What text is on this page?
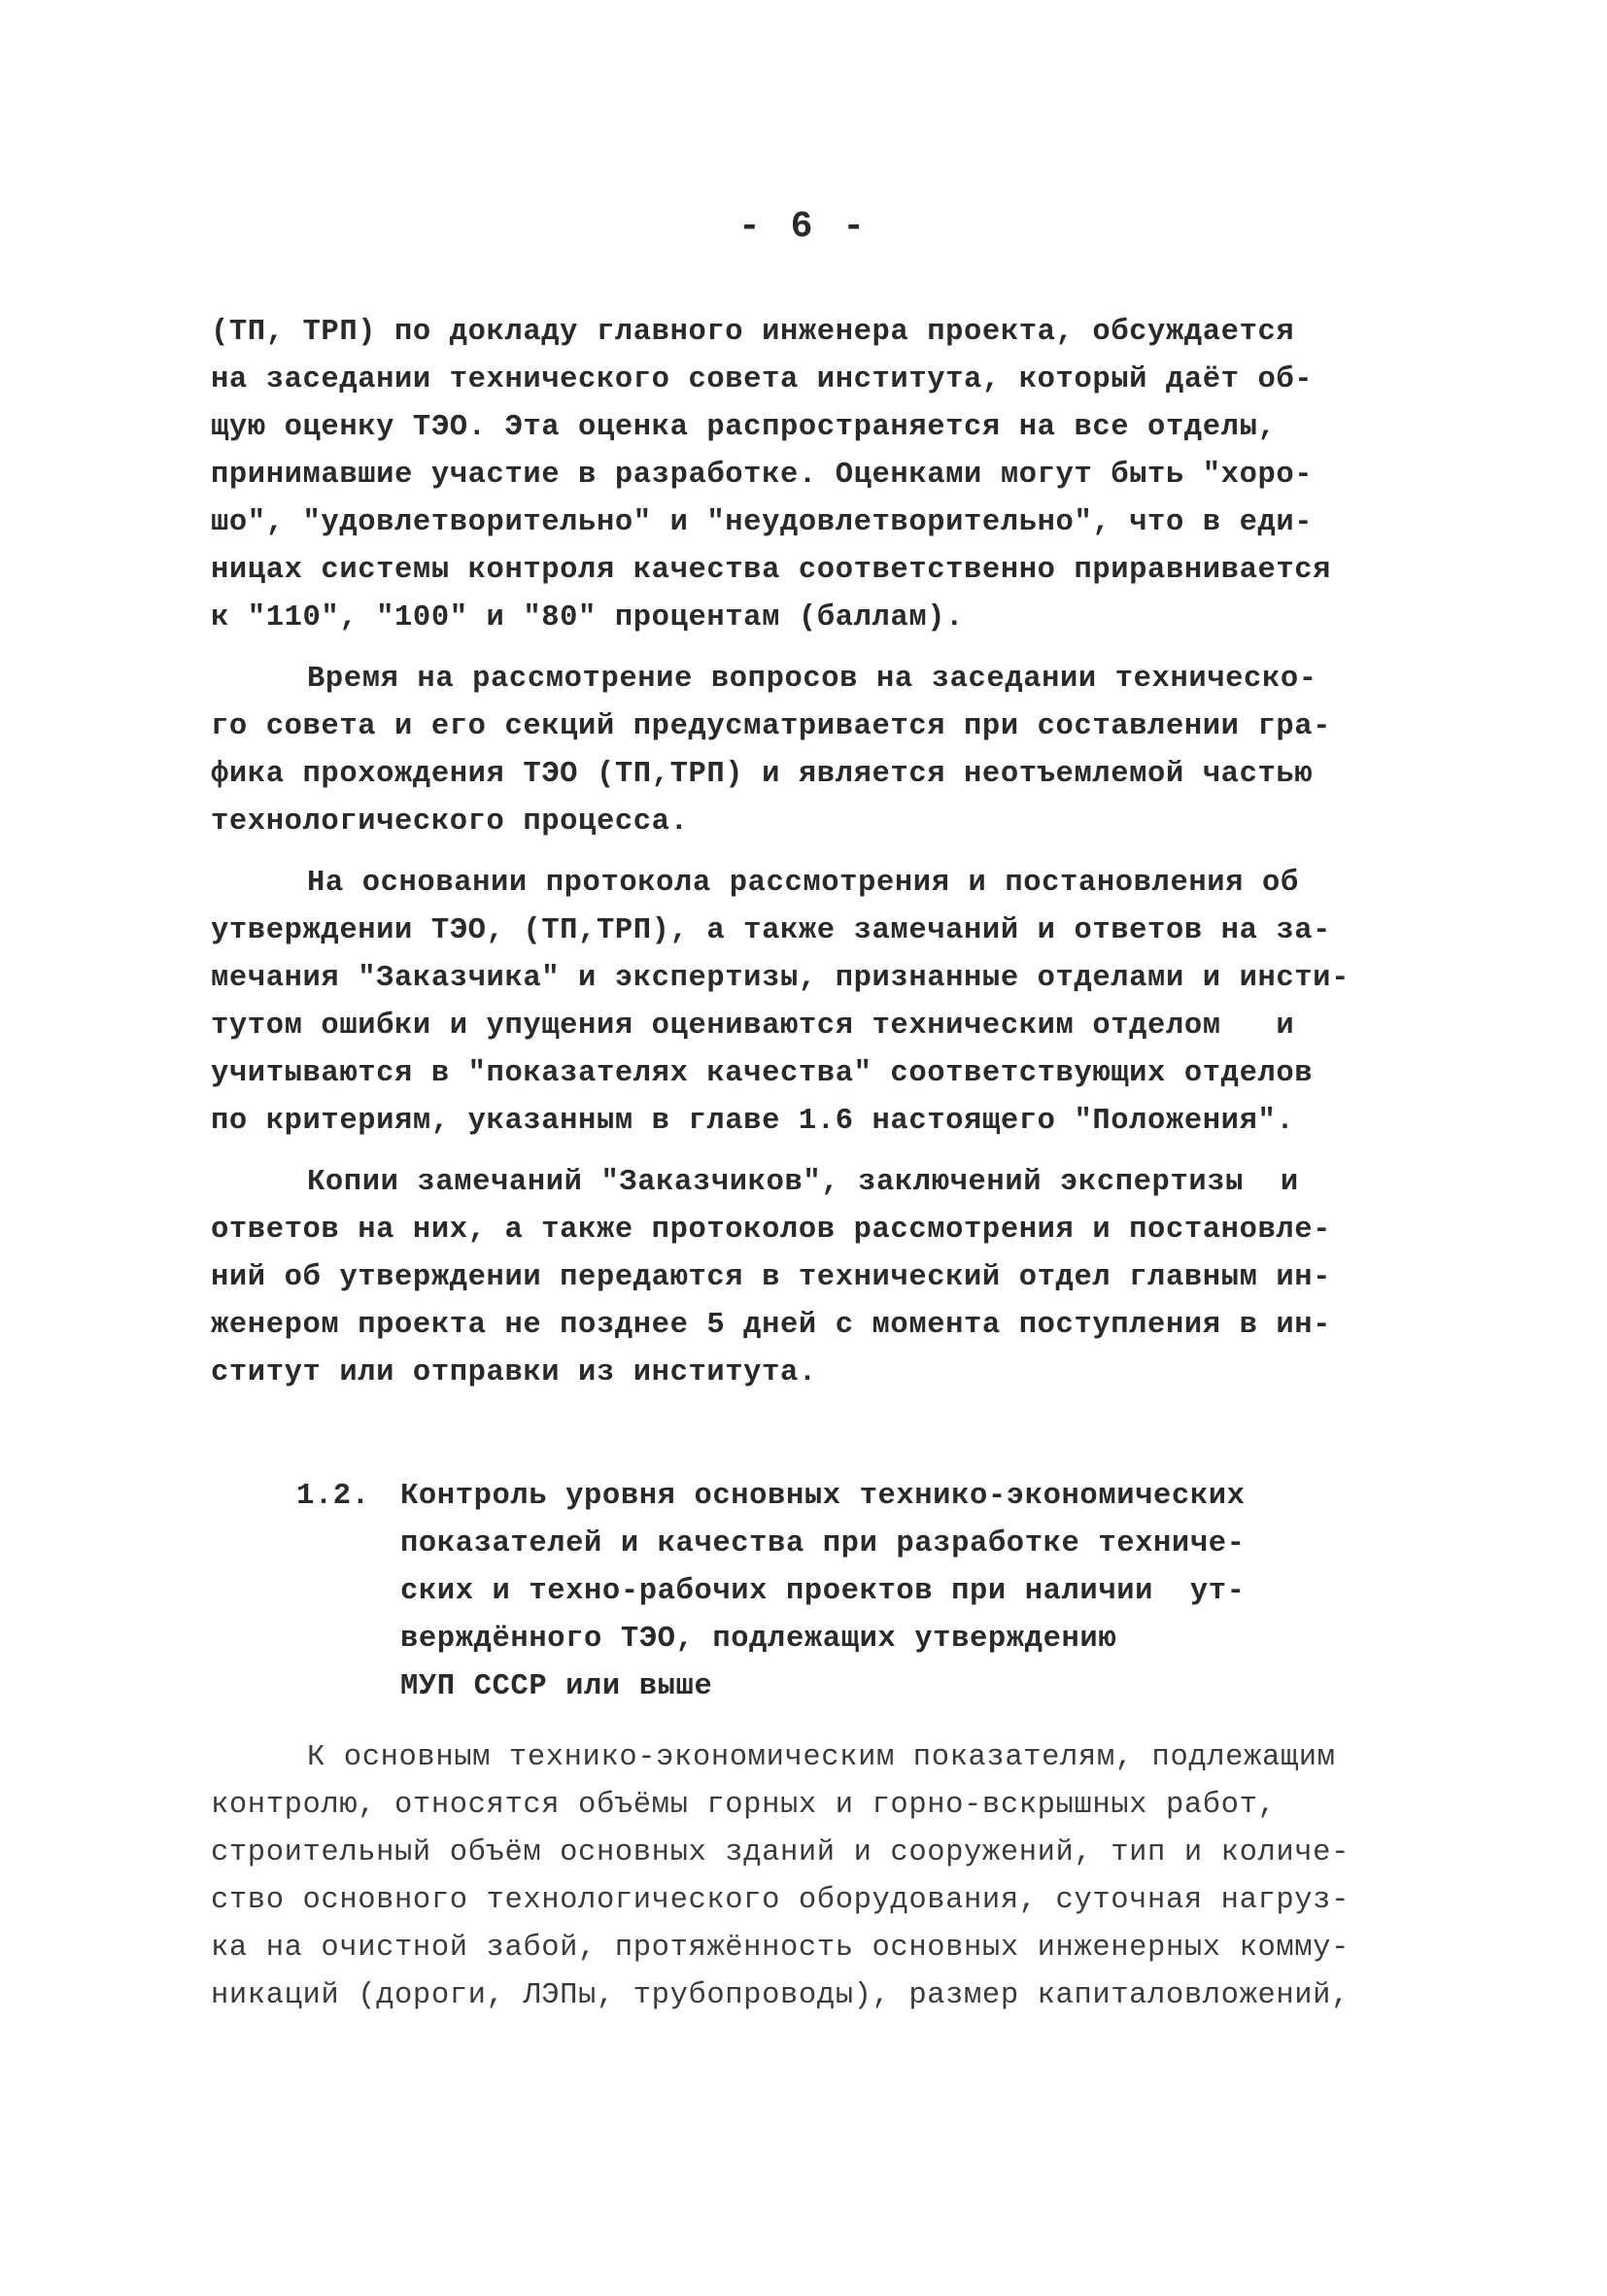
- 6 -
(ТП, ТРП) по докладу главного инженера проекта, обсуждается
на заседании технического совета института, который даёт об-
щую оценку ТЭО. Эта оценка распространяется на все отделы,
принимавшие участие в разработке. Оценками могут быть "хоро-
шо", "удовлетворительно" и "неудовлетворительно", что в еди-
ницах системы контроля качества соответственно приравнивается
к "110", "100" и "80" процентам (баллам).
Время на рассмотрение вопросов на заседании техническо-
го совета и его секций предусматривается при составлении гра-
фика прохождения ТЭО (ТП,ТРП) и является неотъемлемой частью
технологического процесса.
На основании протокола рассмотрения и постановления об
утверждении ТЭО, (ТП,ТРП), а также замечаний и ответов на за-
мечания "Заказчика" и экспертизы, признанные отделами и инсти-
тутом ошибки и упущения оцениваются техническим отделом   и
учитываются в "показателях качества" соответствующих отделов
по критериям, указанным в главе 1.6 настоящего "Положения".
Копии замечаний "Заказчиков", заключений экспертизы  и
ответов на них, а также протоколов рассмотрения и постановле-
ний об утверждении передаются в технический отдел главным ин-
женером проекта не позднее 5 дней с момента поступления в ин-
ститут или отправки из института.
1.2. Контроль уровня основных технико-экономических
показателей и качества при разработке техниче-
ских и техно-рабочих проектов при наличии  ут-
верждённого ТЭО, подлежащих утверждению
МУП СССР или выше
К основным технико-экономическим показателям, подлежащим
контролю, относятся объёмы горных и горно-вскрышных работ,
строительный объём основных зданий и сооружений, тип и количе-
ство основного технологического оборудования, суточная нагруз-
ка на очистной забой, протяжённость основных инженерных комму-
никаций (дороги, ЛЭПы, трубопроводы), размер капиталовложений,
